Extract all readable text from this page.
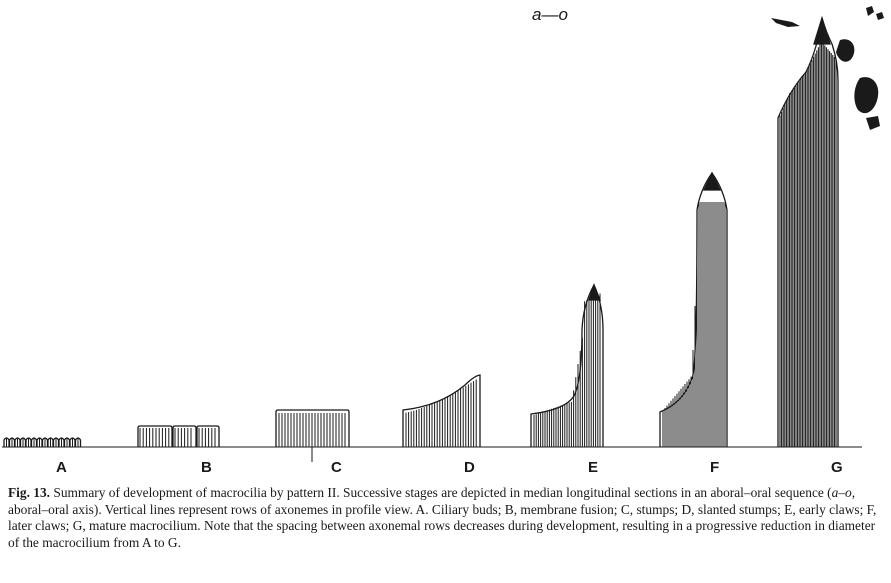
a—o
A	B	C	D	E	F	G
Fig. 13. Summary of development of macrocilia by pattern II. Successive stages are depicted in median longitudinal sections in an aboral–oral sequence (a–o, aboral–oral axis). Vertical lines represent rows of axonemes in profile view. A. Ciliary buds; B, membrane fusion; C, stumps; D, slanted stumps; E, early claws; F, later claws; G, mature macrocilium. Note that the spacing between axonemal rows decreases during development, resulting in a progressive reduction in diameter of the macrocilium from A to G.
